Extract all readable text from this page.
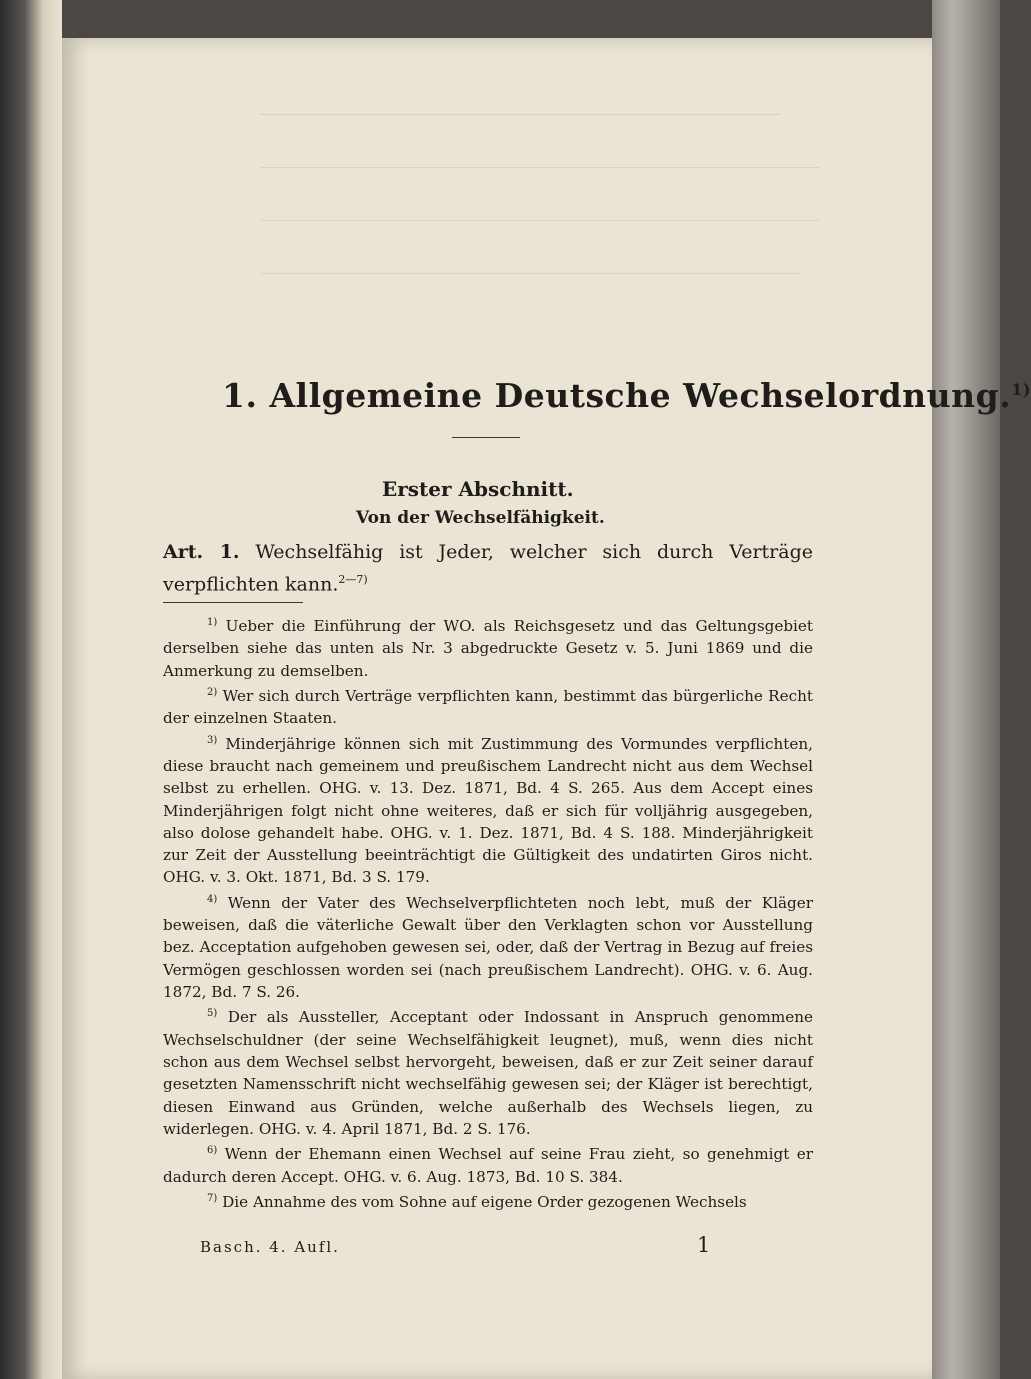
1. Allgemeine Deutsche Wechselordnung.$^{1)}$
Erster Abschnitt.
Von der Wechselfähigkeit.
Art. 1. Wechselfähig ist Jeder, welcher sich durch Verträge verpflichten kann.$^{2—7)}$

$^{1)}$ Ueber die Einführung der WO. als Reichsgesetz und das Geltungsgebiet derselben siehe das unten als Nr. 3 abgedruckte Gesetz v. 5. Juni 1869 und die Anmerkung zu demselben.

$^{2)}$ Wer sich durch Verträge verpflichten kann, bestimmt das bürgerliche Recht der einzelnen Staaten.

$^{3)}$ Minderjährige können sich mit Zustimmung des Vormundes verpflichten, diese braucht nach gemeinem und preußischem Landrecht nicht aus dem Wechsel selbst zu erhellen. OHG. v. 13. Dez. 1871, Bd. 4 S. 265. Aus dem Accept eines Minderjährigen folgt nicht ohne weiteres, daß er sich für volljährig ausgegeben, also dolose gehandelt habe. OHG. v. 1. Dez. 1871, Bd. 4 S. 188. Minderjährigkeit zur Zeit der Ausstellung beeinträchtigt die Gültigkeit des undatirten Giros nicht. OHG. v. 3. Okt. 1871, Bd. 3 S. 179.

$^{4)}$ Wenn der Vater des Wechselverpflichteten noch lebt, muß der Kläger beweisen, daß die väterliche Gewalt über den Verklagten schon vor Ausstellung bez. Acceptation aufgehoben gewesen sei, oder, daß der Vertrag in Bezug auf freies Vermögen geschlossen worden sei (nach preußischem Landrecht). OHG. v. 6. Aug. 1872, Bd. 7 S. 26.

$^{5)}$ Der als Aussteller, Acceptant oder Indossant in Anspruch genommene Wechselschuldner (der seine Wechselfähigkeit leugnet), muß, wenn dies nicht schon aus dem Wechsel selbst hervorgeht, beweisen, daß er zur Zeit seiner darauf gesetzten Namensschrift nicht wechselfähig gewesen sei; der Kläger ist berechtigt, diesen Einwand aus Gründen, welche außerhalb des Wechsels liegen, zu widerlegen. OHG. v. 4. April 1871, Bd. 2 S. 176.

$^{6)}$ Wenn der Ehemann einen Wechsel auf seine Frau zieht, so genehmigt er dadurch deren Accept. OHG. v. 6. Aug. 1873, Bd. 10 S. 384.

$^{7)}$ Die Annahme des vom Sohne auf eigene Order gezogenen Wechsels

Basch. 4. Aufl.	1
